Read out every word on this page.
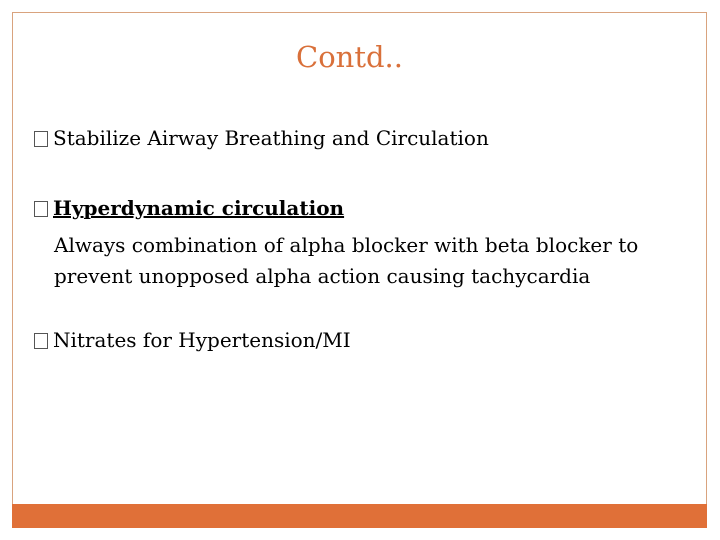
Contd..
Stabilize Airway Breathing and Circulation
Hyperdynamic circulation
Always combination of alpha blocker with beta blocker to
prevent unopposed alpha action causing tachycardia
Nitrates for Hypertension/MI
